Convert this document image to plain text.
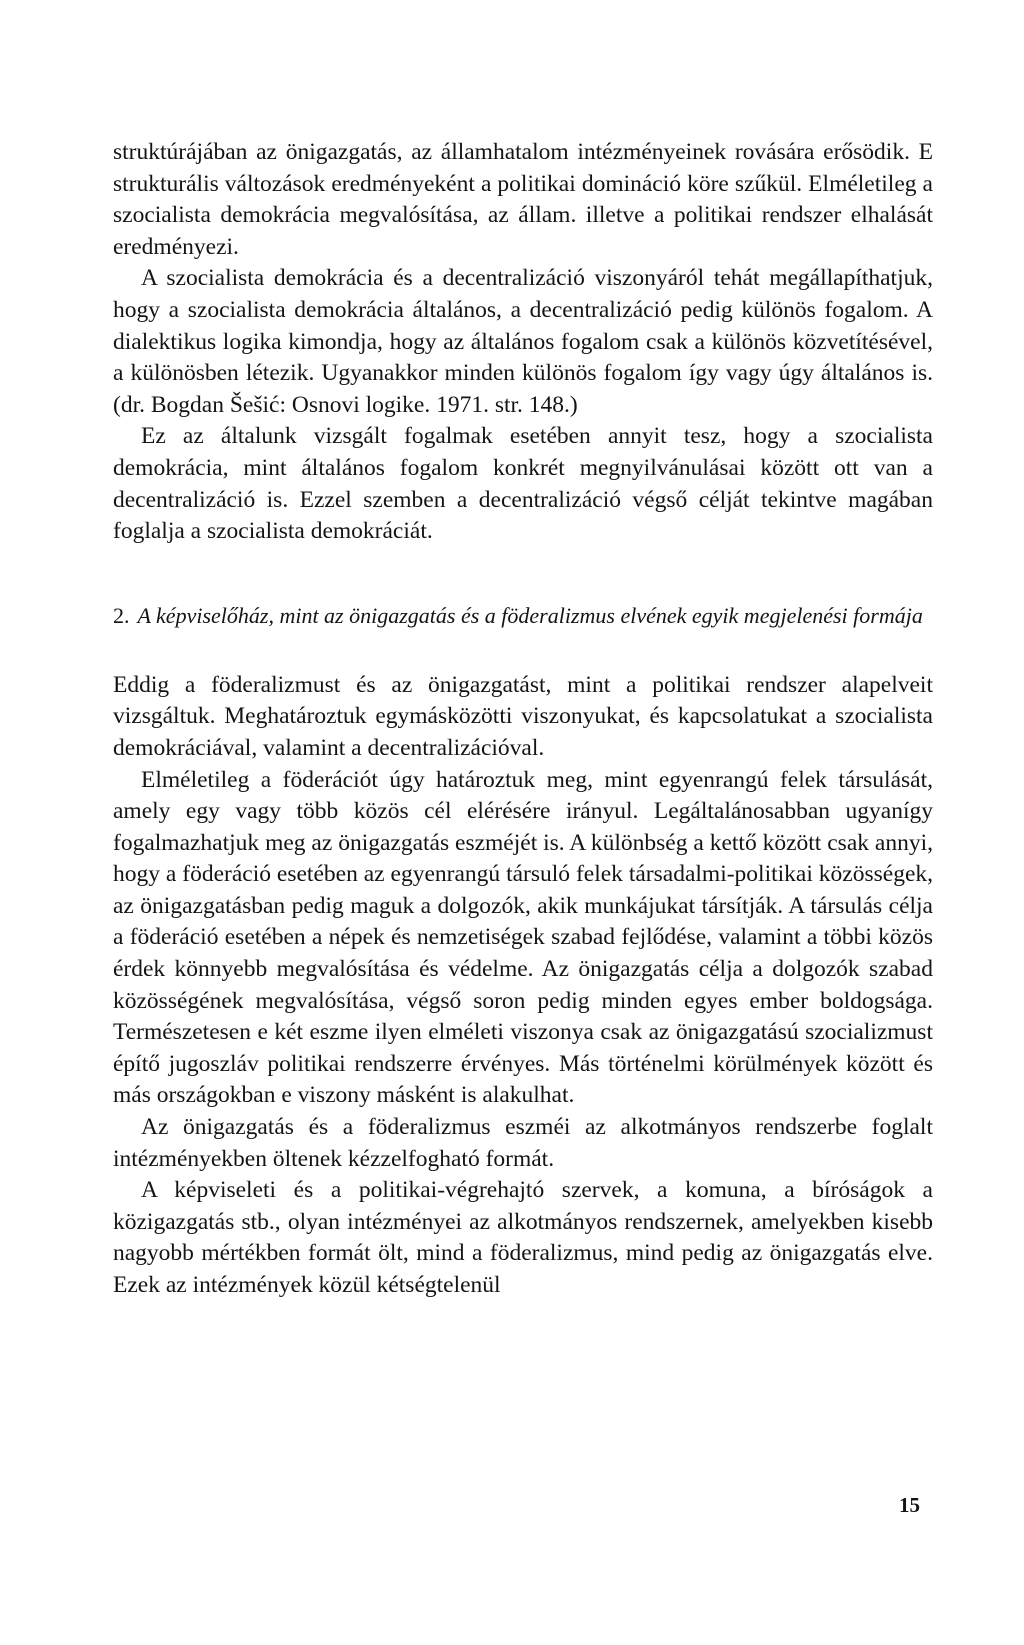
struktúrájában az önigazgatás, az államhatalom intézményeinek rovására erősödik. E strukturális változások eredményeként a politikai domináció köre szűkül. Elméletileg a szocialista demokrácia megvalósítása, az állam. illetve a politikai rendszer elhalását eredményezi.

A szocialista demokrácia és a decentralizáció viszonyáról tehát megállapíthatjuk, hogy a szocialista demokrácia általános, a decentralizáció pedig különös fogalom. A dialektikus logika kimondja, hogy az általános fogalom csak a különös közvetítésével, a különösben létezik. Ugyanakkor minden különös fogalom így vagy úgy általános is. (dr. Bogdan Šešić: Osnovi logike. 1971. str. 148.)

Ez az általunk vizsgált fogalmak esetében annyit tesz, hogy a szocialista demokrácia, mint általános fogalom konkrét megnyilvánulásai között ott van a decentralizáció is. Ezzel szemben a decentralizáció végső célját tekintve magában foglalja a szocialista demokráciát.

2. A képviselőház, mint az önigazgatás és a föderalizmus elvének egyik megjelenési formája

Eddig a föderalizmust és az önigazgatást, mint a politikai rendszer alapelveit vizsgáltuk. Meghatároztuk egymásközötti viszonyukat, és kapcsolatukat a szocialista demokráciával, valamint a decentralizációval.

Elméletileg a föderációt úgy határoztuk meg, mint egyenrangú felek társulását, amely egy vagy több közös cél elérésére irányul. Legáltalánosabban ugyanígy fogalmazhatjuk meg az önigazgatás eszméjét is. A különbség a kettő között csak annyi, hogy a föderáció esetében az egyenrangú társuló felek társadalmi-politikai közösségek, az önigazgatásban pedig maguk a dolgozók, akik munkájukat társítják. A társulás célja a föderáció esetében a népek és nemzetiségek szabad fejlődése, valamint a többi közös érdek könnyebb megvalósítása és védelme. Az önigazgatás célja a dolgozók szabad közösségének megvalósítása, végső soron pedig minden egyes ember boldogsága. Természetesen e két eszme ilyen elméleti viszonya csak az önigazgatású szocializmust építő jugoszláv politikai rendszerre érvényes. Más történelmi körülmények között és más országokban e viszony másként is alakulhat.

Az önigazgatás és a föderalizmus eszméi az alkotmányos rendszerbe foglalt intézményekben öltenek kézzelfogható formát.

A képviseleti és a politikai-végrehajtó szervek, a komuna, a bíróságok a közigazgatás stb., olyan intézményei az alkotmányos rendszernek, amelyekben kisebb nagyobb mértékben formát ölt, mind a föderalizmus, mind pedig az önigazgatás elve. Ezek az intézmények közül kétségtelenül

15
